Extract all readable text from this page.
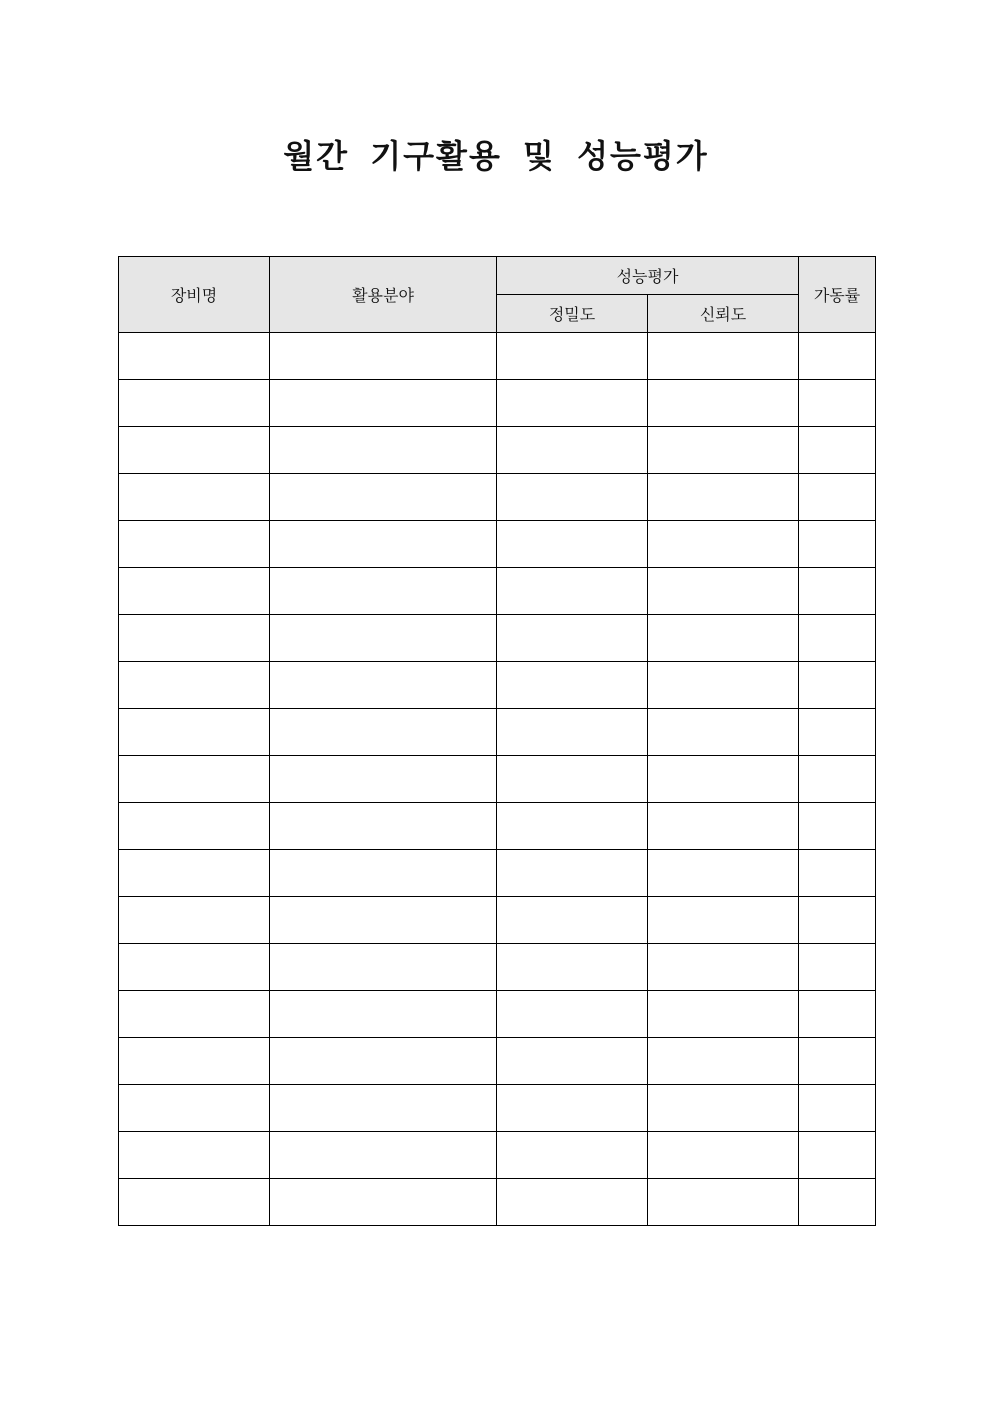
월간 기구활용 및 성능평가
장비명	활용분야	성능평가		가동률
		정밀도	신뢰도	
